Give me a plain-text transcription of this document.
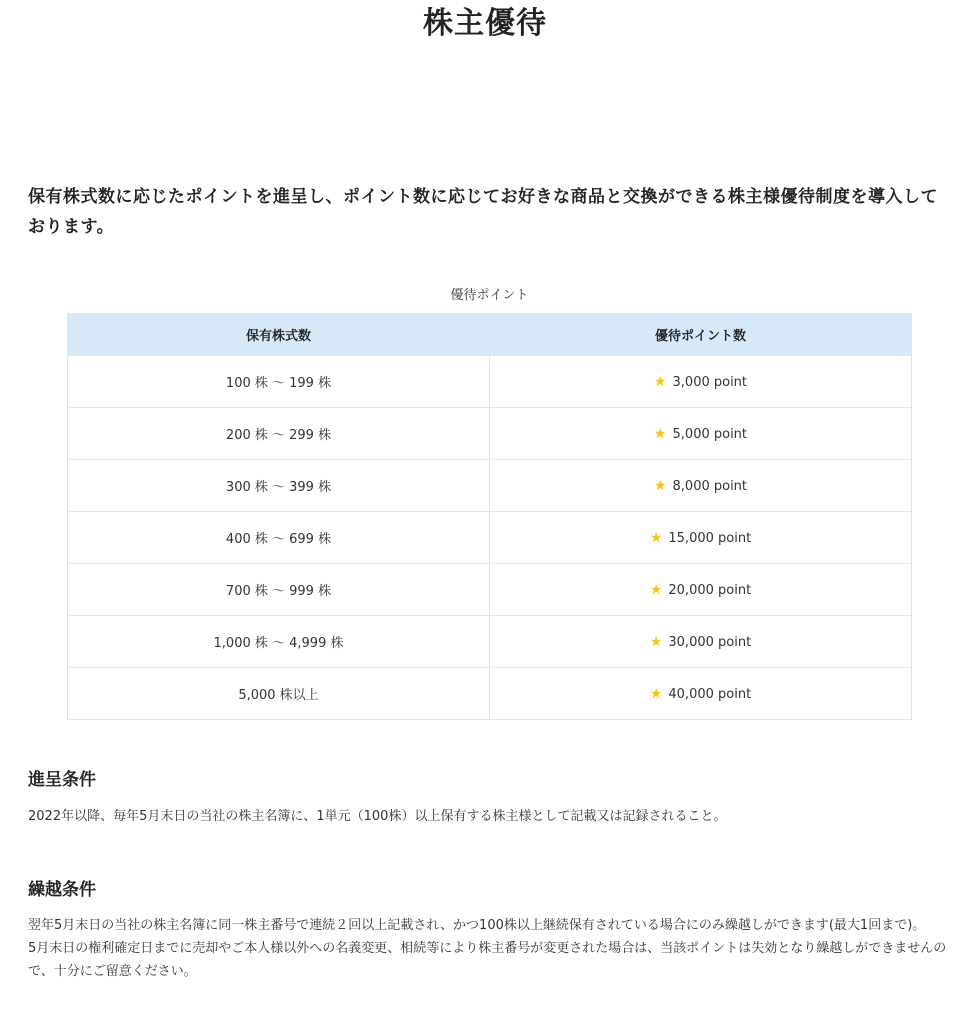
株主優待

保有株式数に応じたポイントを進呈し、ポイント数に応じてお好きな商品と交換ができる株主様優待制度を導入しております。

優待ポイント
保有株式数	優待ポイント数
100 株 〜 199 株	★ 3,000 point
200 株 〜 299 株	★ 5,000 point
300 株 〜 399 株	★ 8,000 point
400 株 〜 699 株	★ 15,000 point
700 株 〜 999 株	★ 20,000 point
1,000 株 〜 4,999 株	★ 30,000 point
5,000 株以上	★ 40,000 point
進呈条件
2022年以降、毎年5月末日の当社の株主名簿に、1単元（100株）以上保有する株主様として記載又は記録されること。
繰越条件

翌年5月末日の当社の株主名簿に同一株主番号で連続２回以上記載され、かつ100株以上継続保有されている場合にのみ繰越しができます(最大1回まで)。

5月末日の権利確定日までに売却やご本人様以外への名義変更、相続等により株主番号が変更された場合は、当該ポイントは失効となり繰越しができませんので、十分にご留意ください。
